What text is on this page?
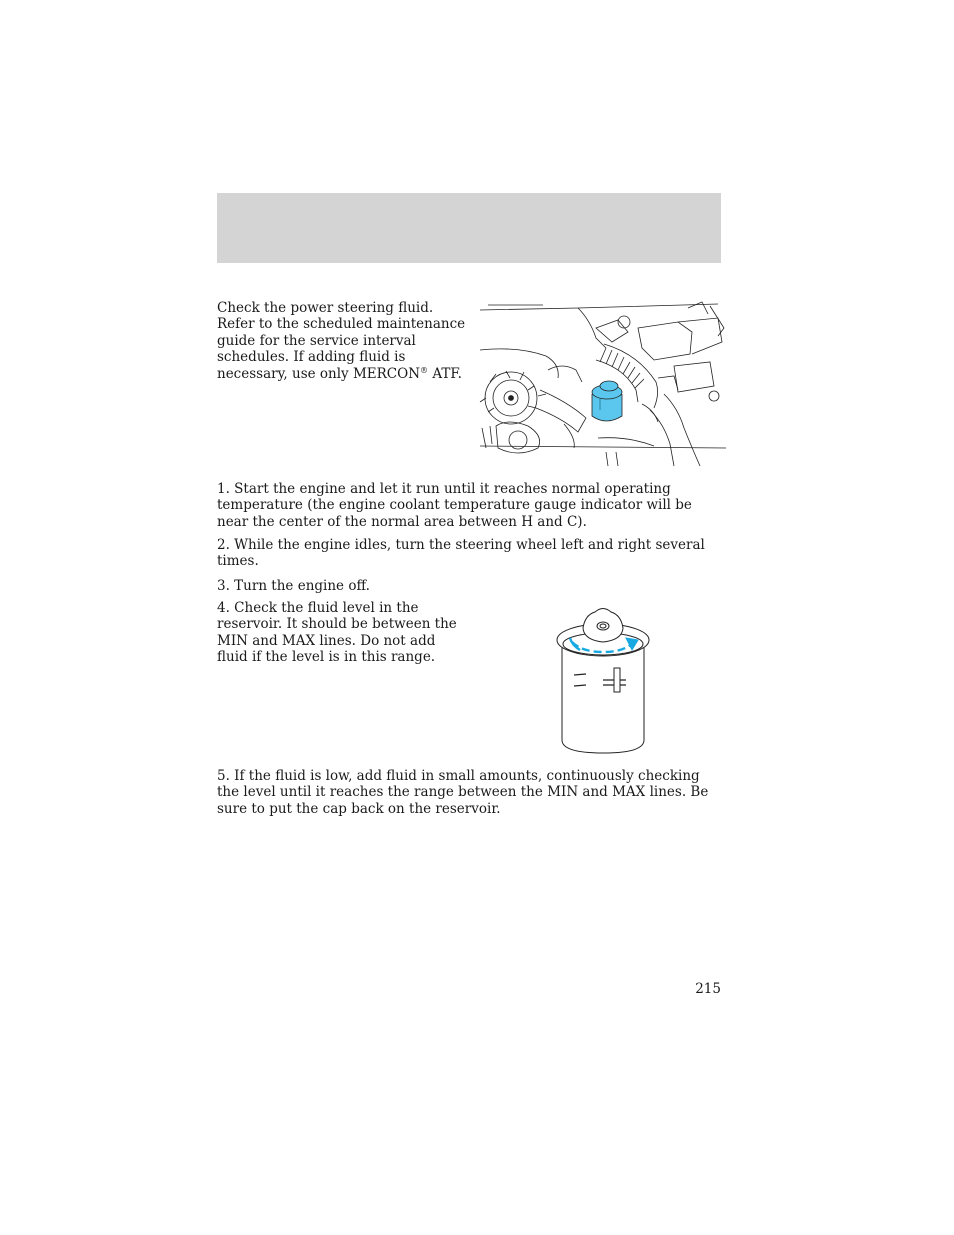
Check the power steering fluid. Refer to the scheduled maintenance guide for the service interval schedules. If adding fluid is necessary, use only MERCON® ATF.

1. Start the engine and let it run until it reaches normal operating temperature (the engine coolant temperature gauge indicator will be near the center of the normal area between H and C).

2. While the engine idles, turn the steering wheel left and right several times.

3. Turn the engine off.

4. Check the fluid level in the reservoir. It should be between the MIN and MAX lines. Do not add fluid if the level is in this range.

5. If the fluid is low, add fluid in small amounts, continuously checking the level until it reaches the range between the MIN and MAX lines. Be sure to put the cap back on the reservoir.

215
